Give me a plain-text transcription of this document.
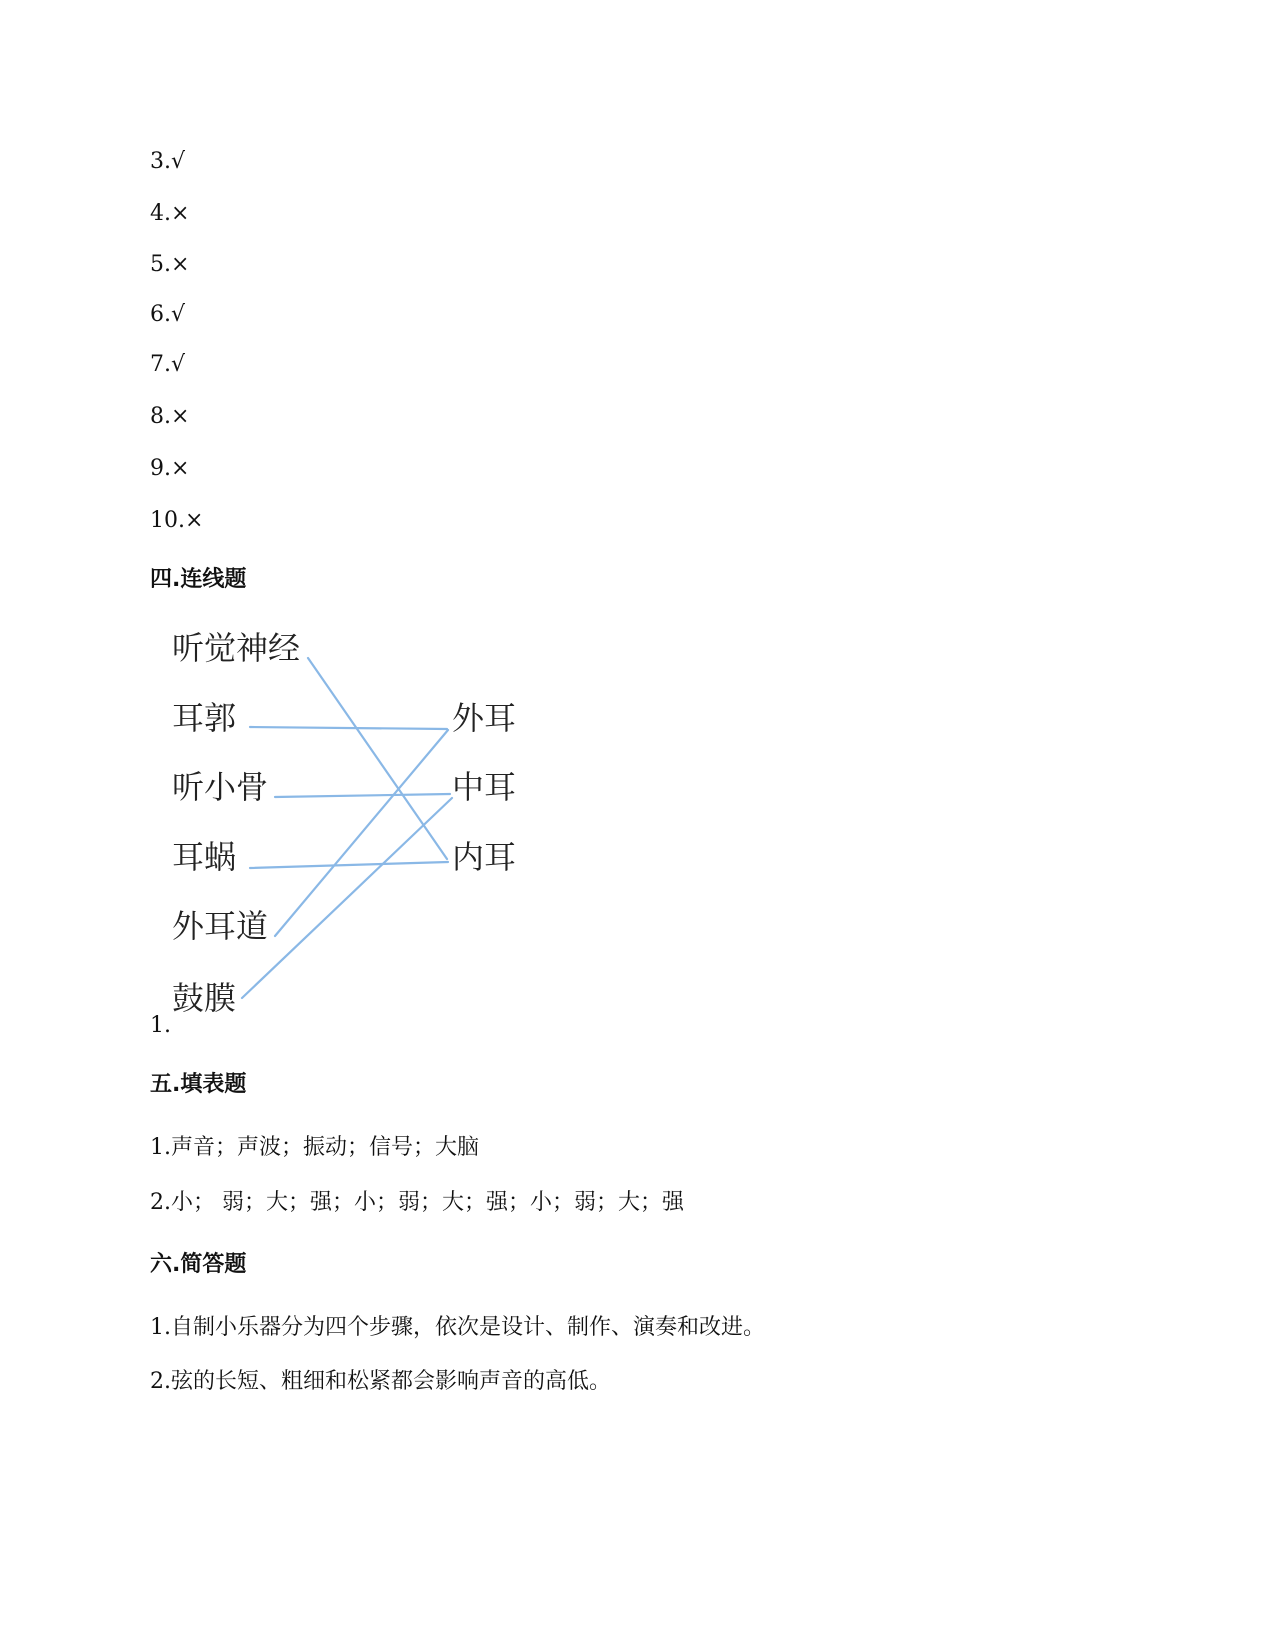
3.√
4.×
5.×
6.√
7.√
8.×
9.×
10.×
四.连线题
听觉神经
耳郭
听小骨
耳蜗
外耳道
鼓膜
外耳
中耳
内耳
1.
五.填表题
1.声音；声波；振动；信号；大脑
2.小； 弱；大；强；小；弱；大；强；小；弱；大；强
六.简答题
1.自制小乐器分为四个步骤，依次是设计、制作、演奏和改进。
2.弦的长短、粗细和松紧都会影响声音的高低。
